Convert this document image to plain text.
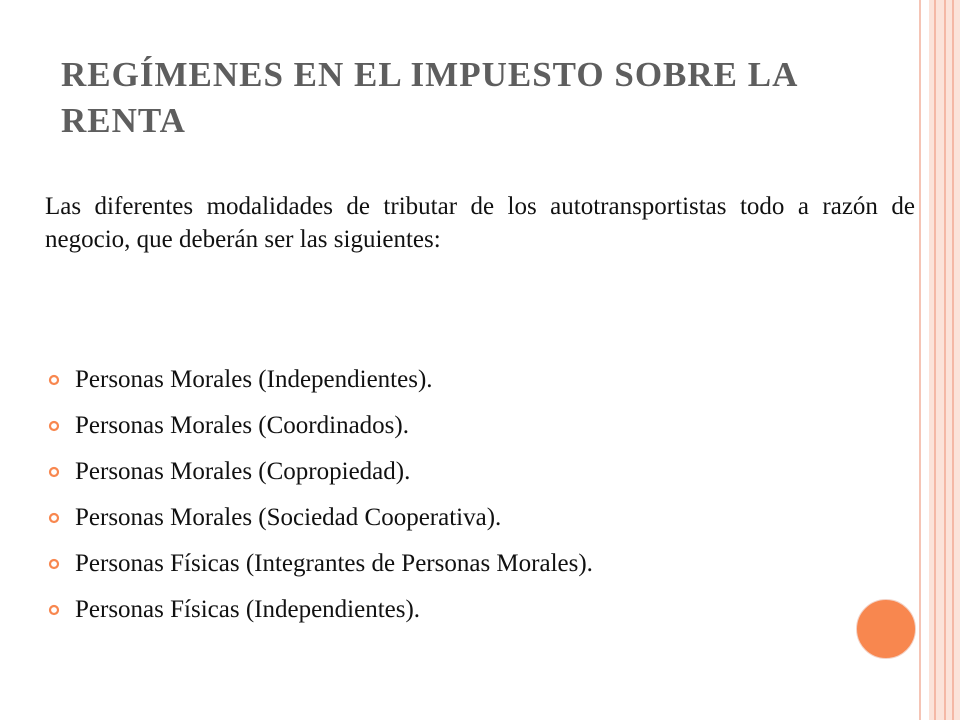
REGÍMENES EN EL IMPUESTO SOBRE LA RENTA

Las diferentes modalidades de tributar de los autotransportistas todo a razón de negocio, que deberán ser las siguientes:

Personas Morales (Independientes).
Personas Morales (Coordinados).
Personas Morales (Copropiedad).
Personas Morales (Sociedad Cooperativa).
Personas Físicas (Integrantes de Personas Morales).
Personas Físicas (Independientes).
